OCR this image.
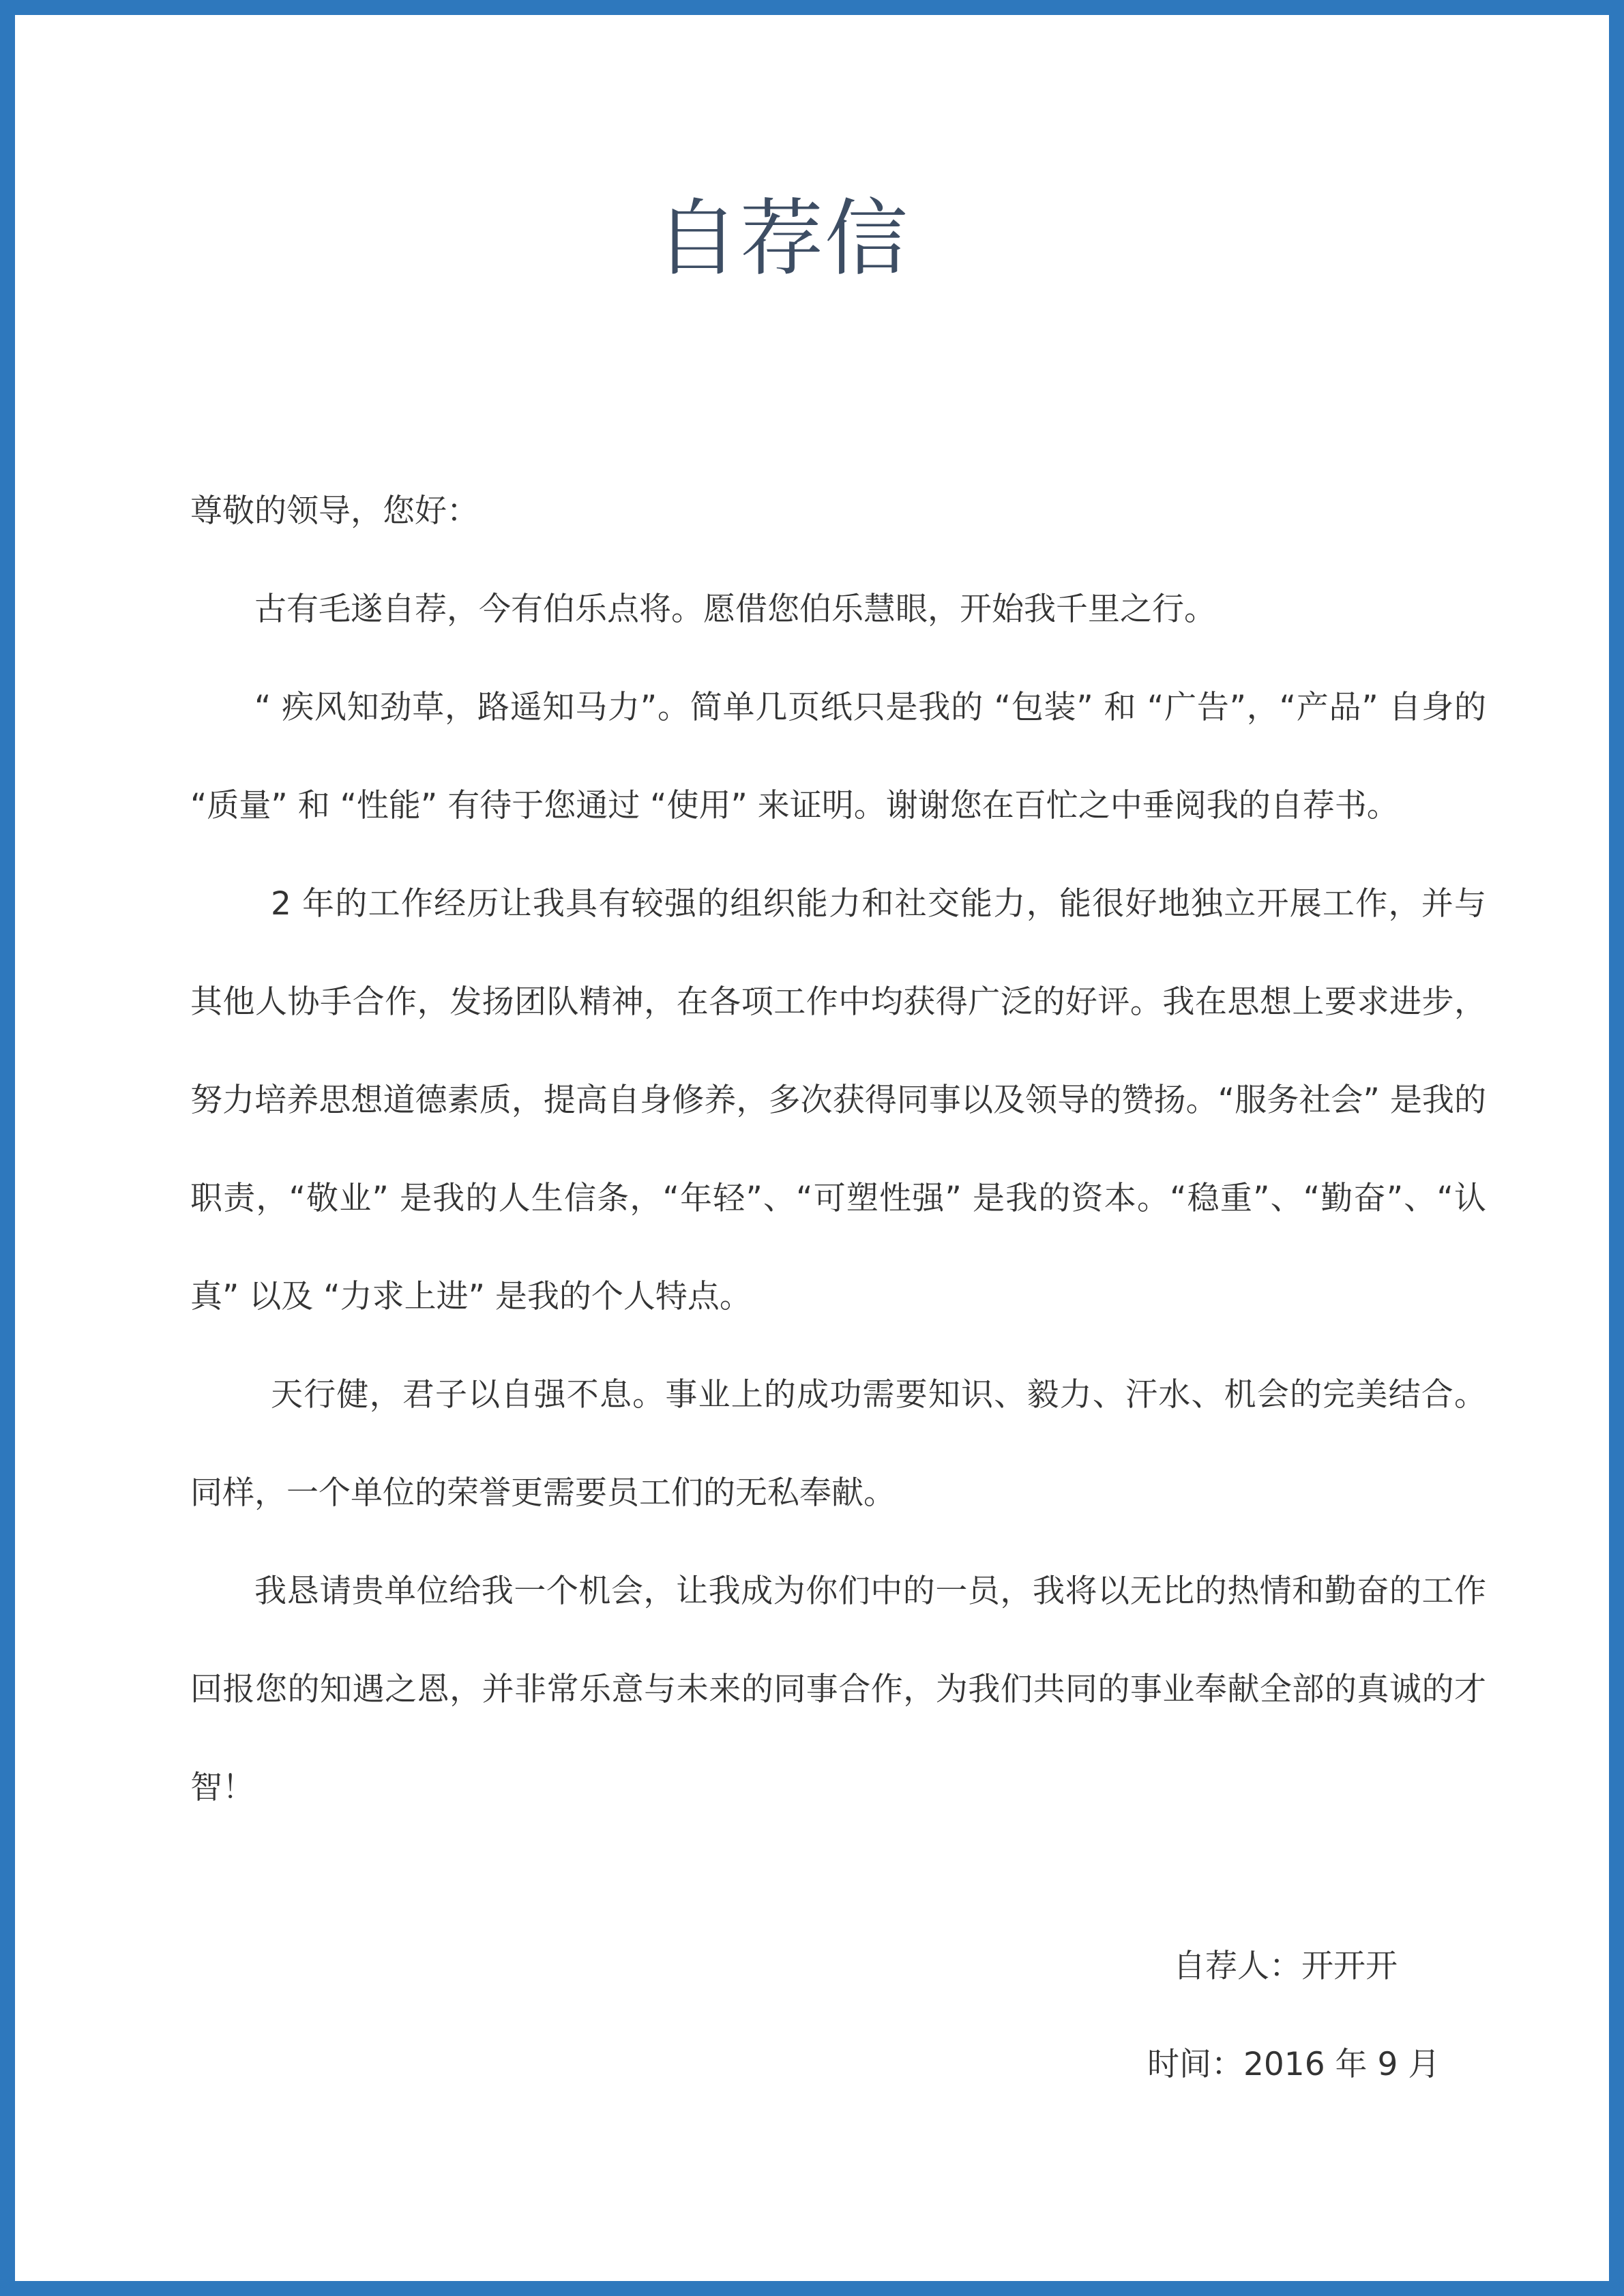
自荐信

尊敬的领导，您好：

古有毛遂自荐，今有伯乐点将。愿借您伯乐慧眼，开始我千里之行。

“ 疾风知劲草，路遥知马力”。简单几页纸只是我的 “包装” 和 “广告”，“产品” 自身的 “质量” 和 “性能” 有待于您通过 “使用” 来证明。谢谢您在百忙之中垂阅我的自荐书。

2 年的工作经历让我具有较强的组织能力和社交能力，能很好地独立开展工作，并与其他人协手合作，发扬团队精神，在各项工作中均获得广泛的好评。我在思想上要求进步，努力培养思想道德素质，提高自身修养，多次获得同事以及领导的赞扬。“服务社会” 是我的职责，“敬业” 是我的人生信条，“年轻”、“可塑性强” 是我的资本。“稳重”、“勤奋”、“认真” 以及 “力求上进” 是我的个人特点。

天行健，君子以自强不息。事业上的成功需要知识、毅力、汗水、机会的完美结合。同样，一个单位的荣誉更需要员工们的无私奉献。

我恳请贵单位给我一个机会，让我成为你们中的一员，我将以无比的热情和勤奋的工作回报您的知遇之恩，并非常乐意与未来的同事合作，为我们共同的事业奉献全部的真诚的才智！

自荐人：开开开
时间：2016 年 9 月
